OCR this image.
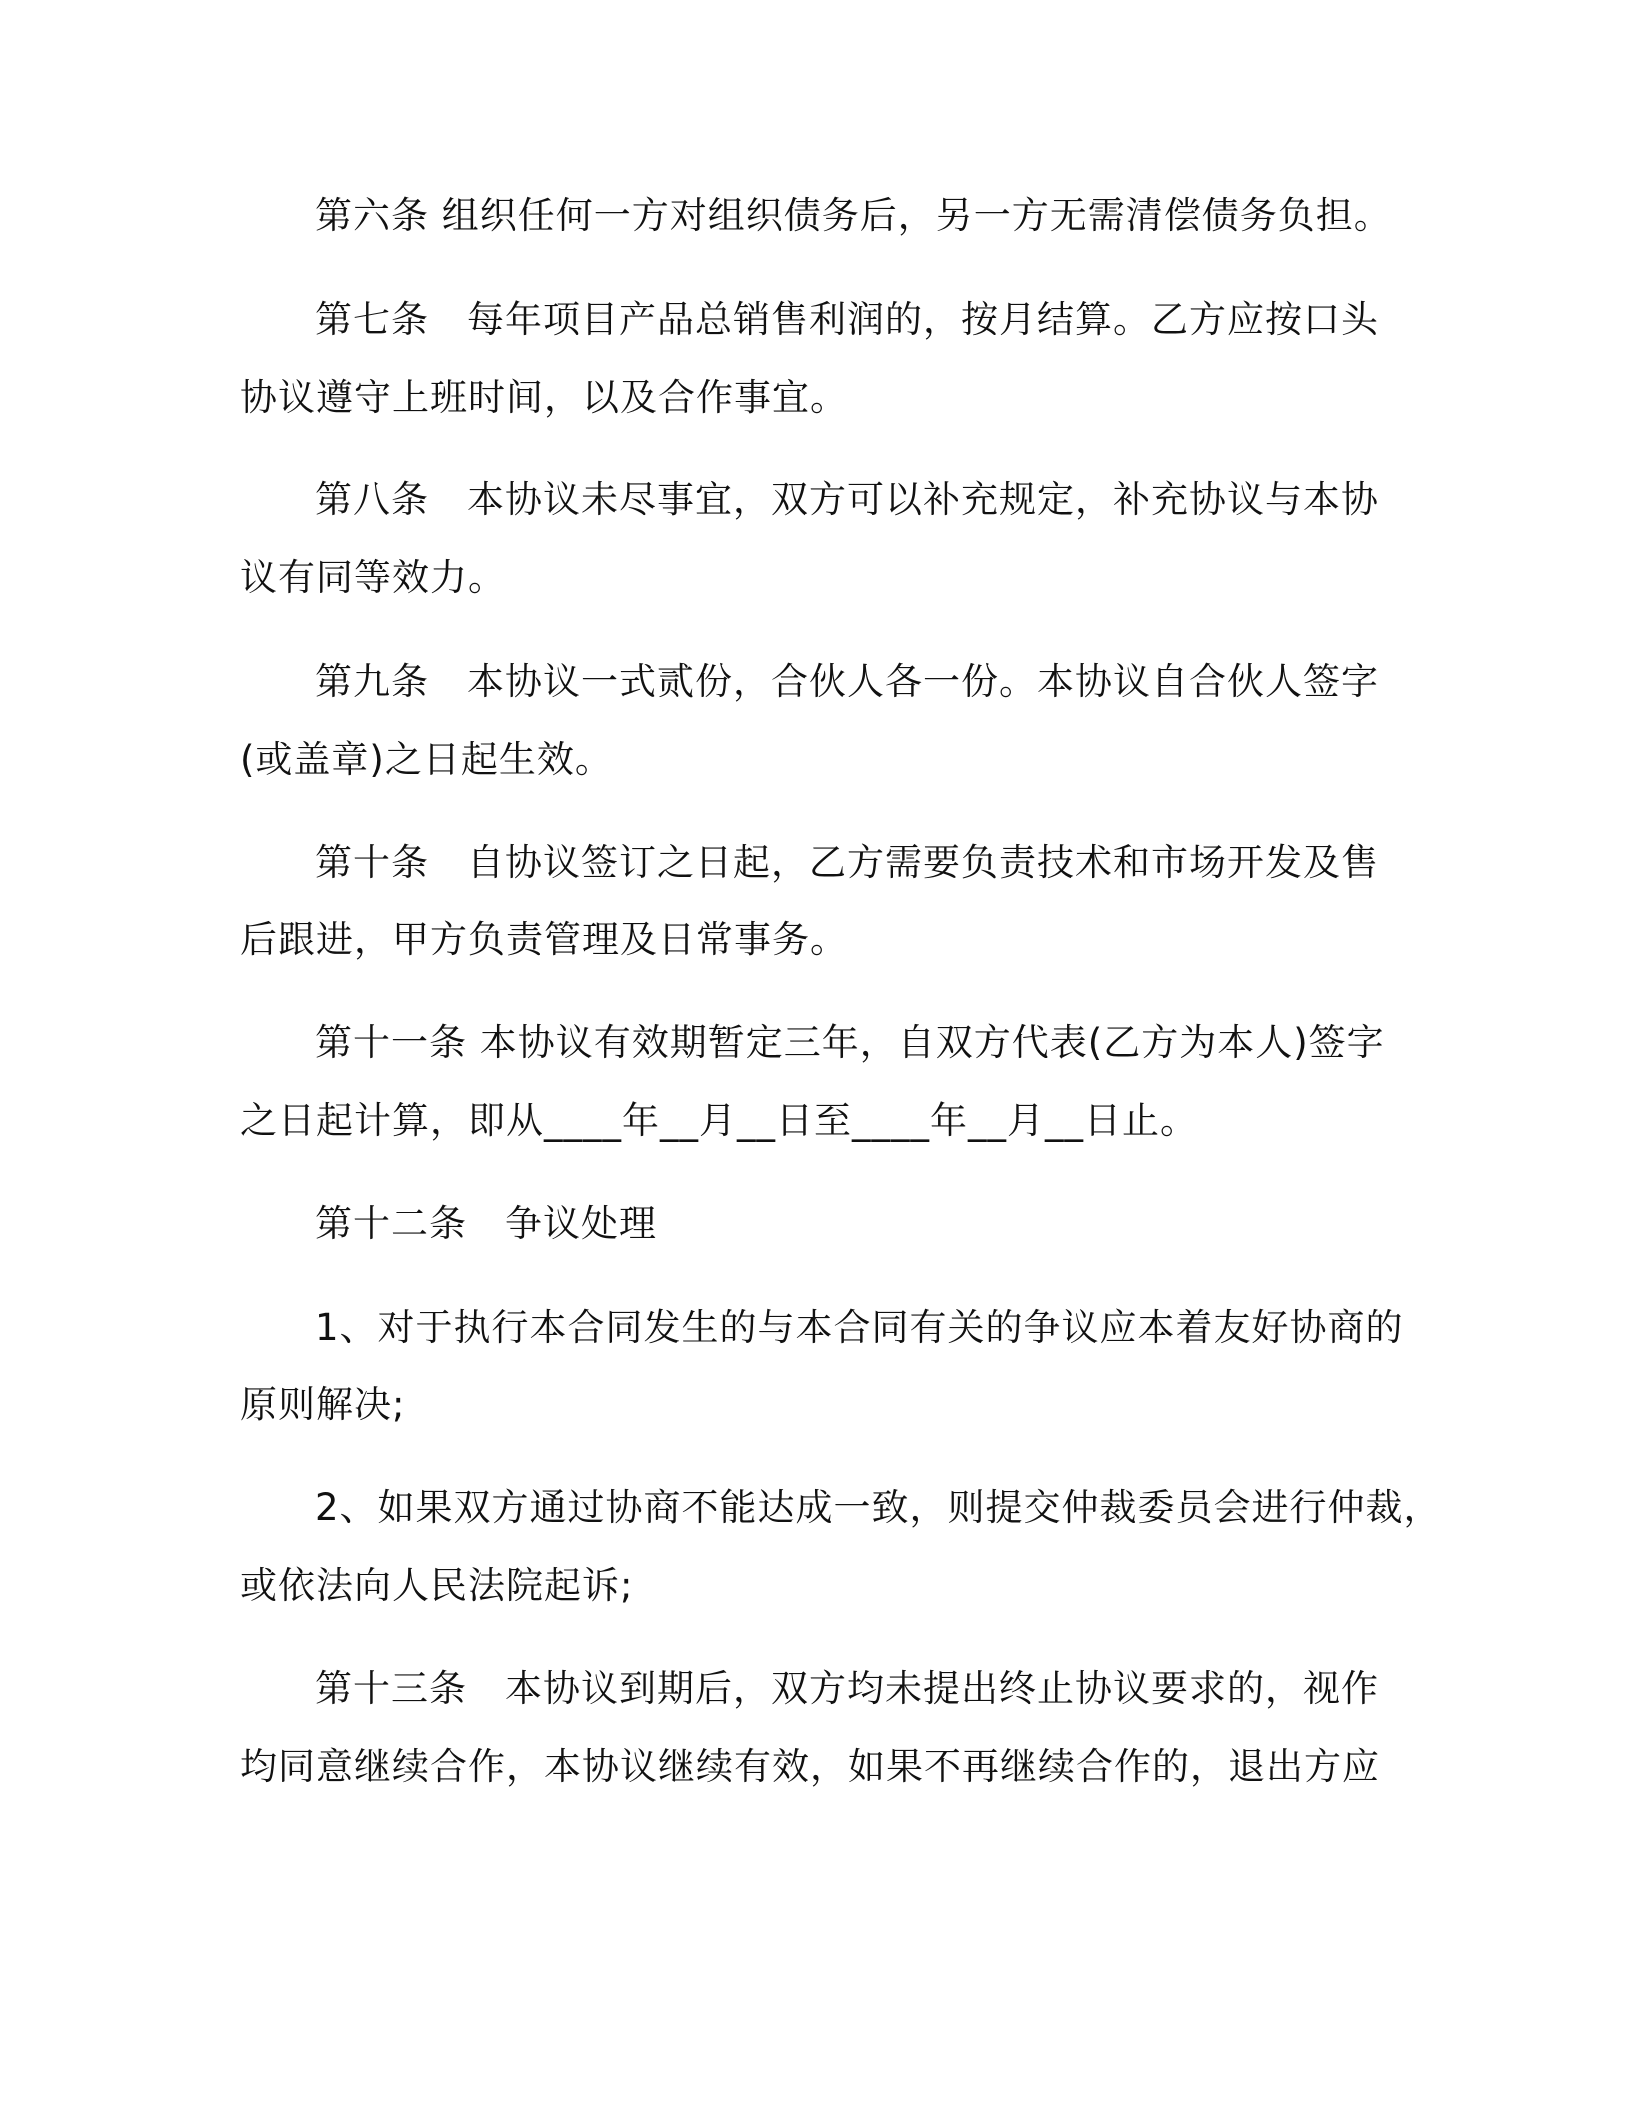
第六条 组织任何一方对组织债务后，另一方无需清偿债务负担。

第七条　每年项目产品总销售利润的，按月结算。乙方应按口头

协议遵守上班时间，以及合作事宜。

第八条　本协议未尽事宜，双方可以补充规定，补充协议与本协

议有同等效力。

第九条　本协议一式贰份，合伙人各一份。本协议自合伙人签字

(或盖章)之日起生效。

第十条　自协议签订之日起，乙方需要负责技术和市场开发及售

后跟进，甲方负责管理及日常事务。

第十一条 本协议有效期暂定三年，自双方代表(乙方为本人)签字

之日起计算，即从____年__月__日至____年__月__日止。

第十二条　争议处理

1、对于执行本合同发生的与本合同有关的争议应本着友好协商的

原则解决;

2、如果双方通过协商不能达成一致，则提交仲裁委员会进行仲裁，

或依法向人民法院起诉;

第十三条　本协议到期后，双方均未提出终止协议要求的，视作

均同意继续合作，本协议继续有效，如果不再继续合作的，退出方应
